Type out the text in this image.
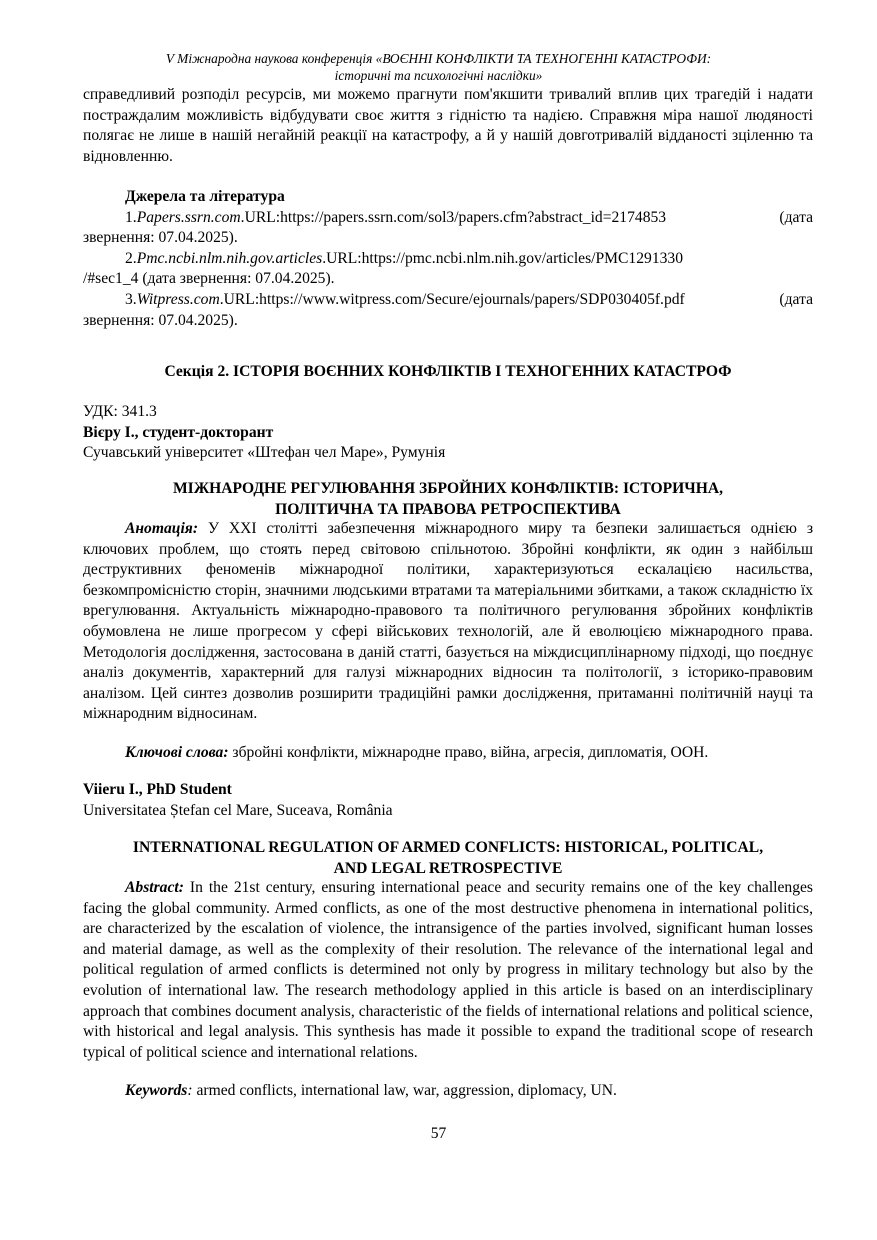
V Міжнародна наукова конференція «ВОЄННІ КОНФЛІКТИ ТА ТЕХНОГЕННІ КАТАСТРОФИ:
історичні та психологічні наслідки»
справедливий розподіл ресурсів, ми можемо прагнути пом'якшити тривалий вплив цих трагедій і надати постраждалим можливість відбудувати своє життя з гідністю та надією. Справжня міра нашої людяності полягає не лише в нашій негайній реакції на катастрофу, а й у нашій довготривалій відданості зціленню та відновленню.
Джерела та література
1.Papers.ssrn.com.URL:https://papers.ssrn.com/sol3/papers.cfm?abstract_id=2174853	(дата
звернення: 07.04.2025).
2.Pmc.ncbi.nlm.nih.gov.articles.URL:https://pmc.ncbi.nlm.nih.gov/articles/PMC1291330
/#sec1_4 (дата звернення: 07.04.2025).
3.Witpress.com.URL:https://www.witpress.com/Secure/ejournals/papers/SDP030405f.pdf	(дата
звернення: 07.04.2025).
Секція 2. ІСТОРІЯ ВОЄННИХ КОНФЛІКТІВ І ТЕХНОГЕННИХ КАТАСТРОФ
УДК: 341.3
Вієру І., студент-докторант
Сучавський університет «Штефан чел Маре», Румунія
МІЖНАРОДНЕ РЕГУЛЮВАННЯ ЗБРОЙНИХ КОНФЛІКТІВ: ІСТОРИЧНА,
ПОЛІТИЧНА ТА ПРАВОВА РЕТРОСПЕКТИВА
Анотація: У XXI столітті забезпечення міжнародного миру та безпеки залишається однією з ключових проблем, що стоять перед світовою спільнотою. Збройні конфлікти, як один з найбільш деструктивних феноменів міжнародної політики, характеризуються ескалацією насильства, безкомпромісністю сторін, значними людськими втратами та матеріальними збитками, а також складністю їх врегулювання. Актуальність міжнародно-правового та політичного регулювання збройних конфліктів обумовлена не лише прогресом у сфері військових технологій, але й еволюцією міжнародного права. Методологія дослідження, застосована в даній статті, базується на міждисциплінарному підході, що поєднує аналіз документів, характерний для галузі міжнародних відносин та політології, з історико-правовим аналізом. Цей синтез дозволив розширити традиційні рамки дослідження, притаманні політичній науці та міжнародним відносинам.
Ключові слова: збройні конфлікти, міжнародне право, війна, агресія, дипломатія, ООН.
Viieru I., PhD Student
Universitatea Ștefan cel Mare, Suceava, România
INTERNATIONAL REGULATION OF ARMED CONFLICTS: HISTORICAL, POLITICAL,
AND LEGAL RETROSPECTIVE
Abstract: In the 21st century, ensuring international peace and security remains one of the key challenges facing the global community. Armed conflicts, as one of the most destructive phenomena in international politics, are characterized by the escalation of violence, the intransigence of the parties involved, significant human losses and material damage, as well as the complexity of their resolution. The relevance of the international legal and political regulation of armed conflicts is determined not only by progress in military technology but also by the evolution of international law. The research methodology applied in this article is based on an interdisciplinary approach that combines document analysis, characteristic of the fields of international relations and political science, with historical and legal analysis. This synthesis has made it possible to expand the traditional scope of research typical of political science and international relations.
Keywords: armed conflicts, international law, war, aggression, diplomacy, UN.
57
